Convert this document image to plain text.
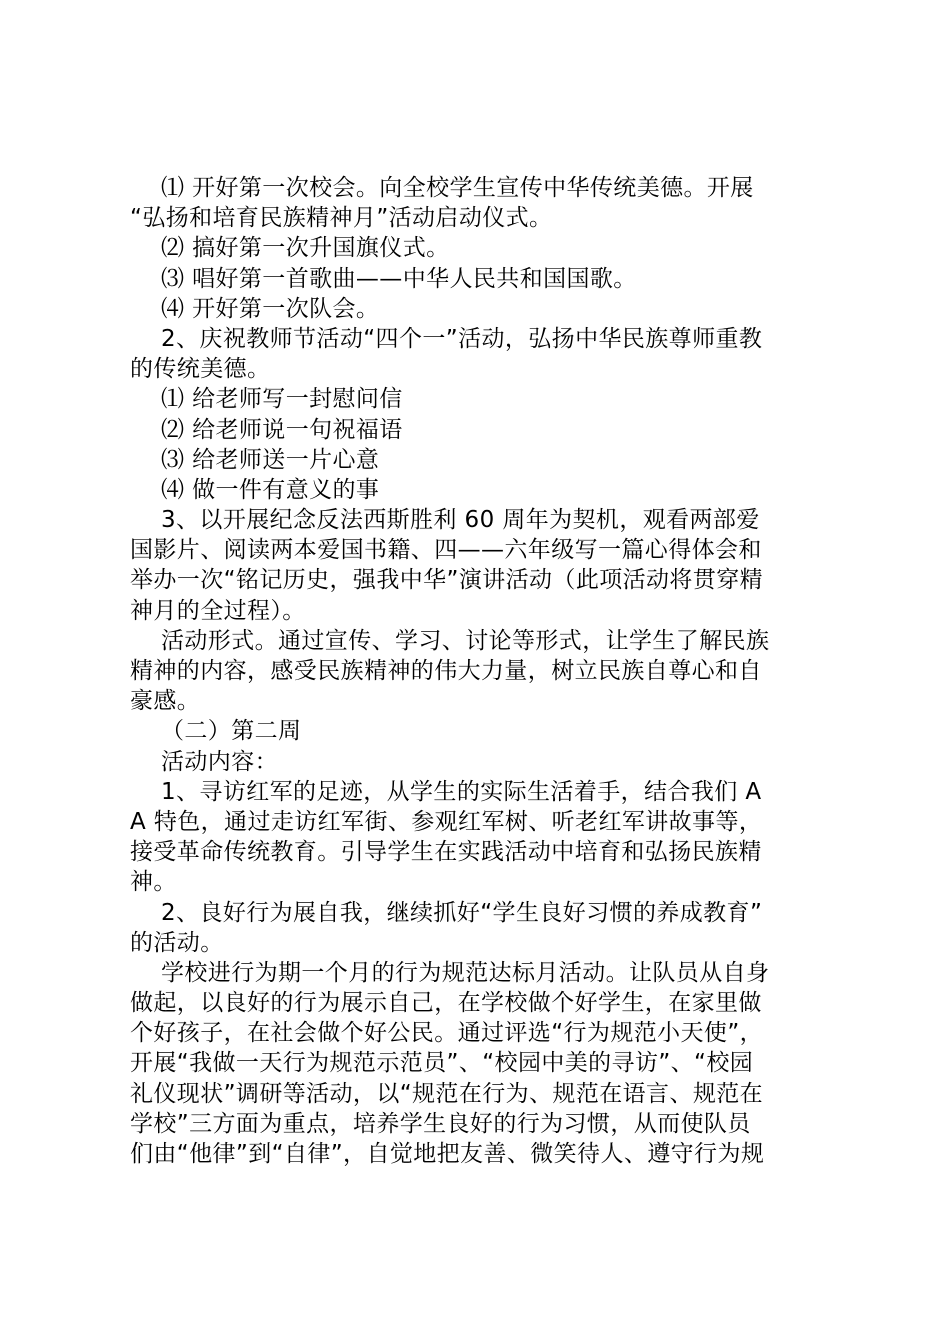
⑴ 开好第一次校会。向全校学生宣传中华传统美德。开展
“弘扬和培育民族精神月”活动启动仪式。
⑵ 搞好第一次升国旗仪式。
⑶ 唱好第一首歌曲——中华人民共和国国歌。
⑷ 开好第一次队会。
2、庆祝教师节活动“四个一”活动，弘扬中华民族尊师重教
的传统美德。
⑴ 给老师写一封慰问信
⑵ 给老师说一句祝福语
⑶ 给老师送一片心意
⑷ 做一件有意义的事
3、以开展纪念反法西斯胜利 60 周年为契机，观看两部爱
国影片、阅读两本爱国书籍、四——六年级写一篇心得体会和
举办一次“铭记历史，强我中华”演讲活动（此项活动将贯穿精
神月的全过程）。
活动形式。通过宣传、学习、讨论等形式，让学生了解民族
精神的内容，感受民族精神的伟大力量，树立民族自尊心和自
豪感。
（二）第二周
活动内容：
1、寻访红军的足迹，从学生的实际生活着手，结合我们 A
A 特色，通过走访红军街、参观红军树、听老红军讲故事等，
接受革命传统教育。引导学生在实践活动中培育和弘扬民族精
神。
2、良好行为展自我，继续抓好“学生良好习惯的养成教育”
的活动。
学校进行为期一个月的行为规范达标月活动。让队员从自身
做起，以良好的行为展示自己，在学校做个好学生，在家里做
个好孩子，在社会做个好公民。通过评选“行为规范小天使”，
开展“我做一天行为规范示范员”、“校园中美的寻访”、“校园
礼仪现状”调研等活动，以“规范在行为、规范在语言、规范在
学校”三方面为重点，培养学生良好的行为习惯，从而使队员
们由“他律”到“自律”，自觉地把友善、微笑待人、遵守行为规
